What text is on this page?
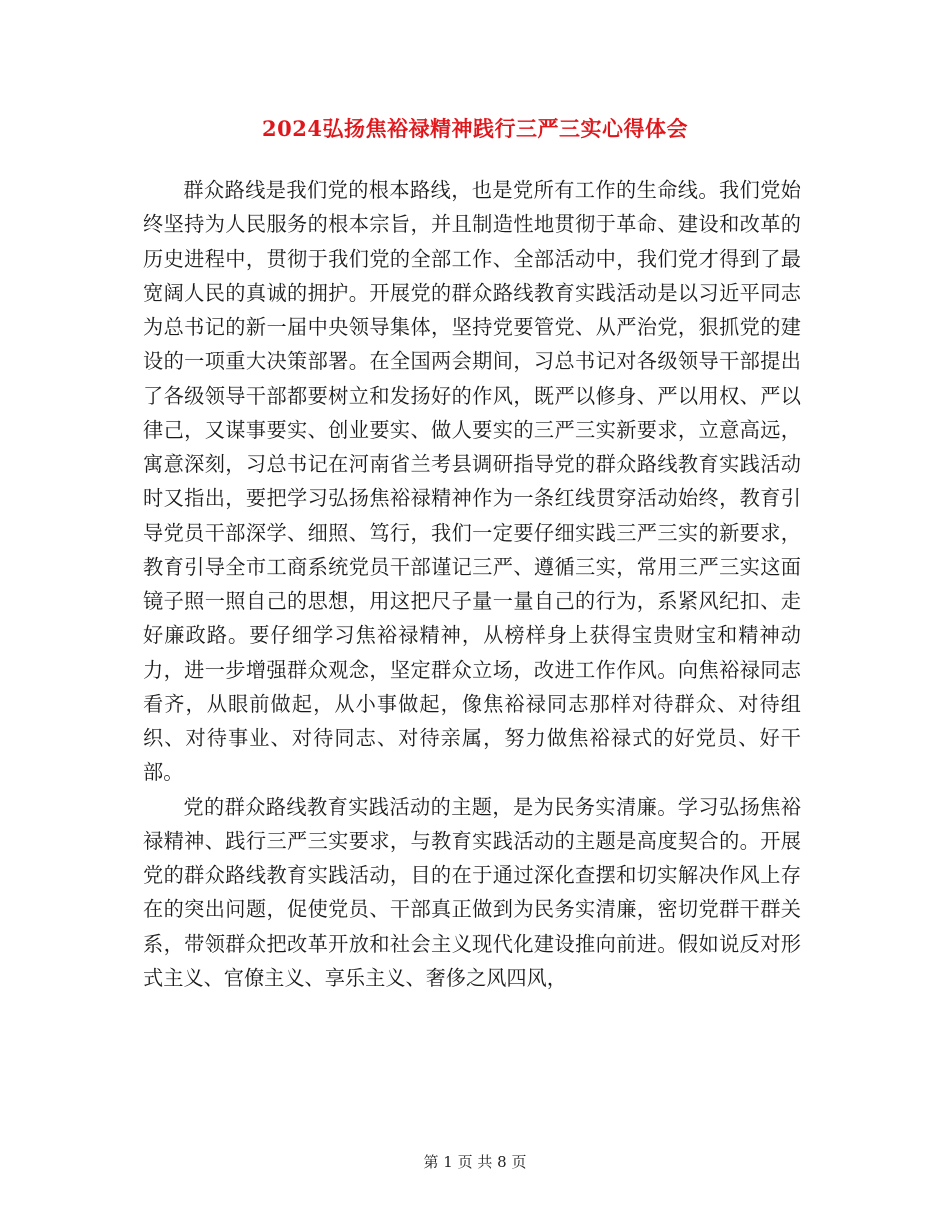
2024弘扬焦裕禄精神践行三严三实心得体会

群众路线是我们党的根本路线，也是党所有工作的生命线。我们党始终坚持为人民服务的根本宗旨，并且制造性地贯彻于革命、建设和改革的历史进程中，贯彻于我们党的全部工作、全部活动中，我们党才得到了最宽阔人民的真诚的拥护。开展党的群众路线教育实践活动是以习近平同志为总书记的新一届中央领导集体，坚持党要管党、从严治党，狠抓党的建设的一项重大决策部署。在全国两会期间，习总书记对各级领导干部提出了各级领导干部都要树立和发扬好的作风，既严以修身、严以用权、严以律己，又谋事要实、创业要实、做人要实的三严三实新要求，立意高远，寓意深刻，习总书记在河南省兰考县调研指导党的群众路线教育实践活动时又指出，要把学习弘扬焦裕禄精神作为一条红线贯穿活动始终，教育引导党员干部深学、细照、笃行，我们一定要仔细实践三严三实的新要求，教育引导全市工商系统党员干部谨记三严、遵循三实，常用三严三实这面镜子照一照自己的思想，用这把尺子量一量自己的行为，系紧风纪扣、走好廉政路。要仔细学习焦裕禄精神，从榜样身上获得宝贵财宝和精神动力，进一步增强群众观念，坚定群众立场，改进工作作风。向焦裕禄同志看齐，从眼前做起，从小事做起，像焦裕禄同志那样对待群众、对待组织、对待事业、对待同志、对待亲属，努力做焦裕禄式的好党员、好干部。

党的群众路线教育实践活动的主题，是为民务实清廉。学习弘扬焦裕禄精神、践行三严三实要求，与教育实践活动的主题是高度契合的。开展党的群众路线教育实践活动，目的在于通过深化查摆和切实解决作风上存在的突出问题，促使党员、干部真正做到为民务实清廉，密切党群干群关系，带领群众把改革开放和社会主义现代化建设推向前进。假如说反对形式主义、官僚主义、享乐主义、奢侈之风四风，

第 1 页 共 8 页
